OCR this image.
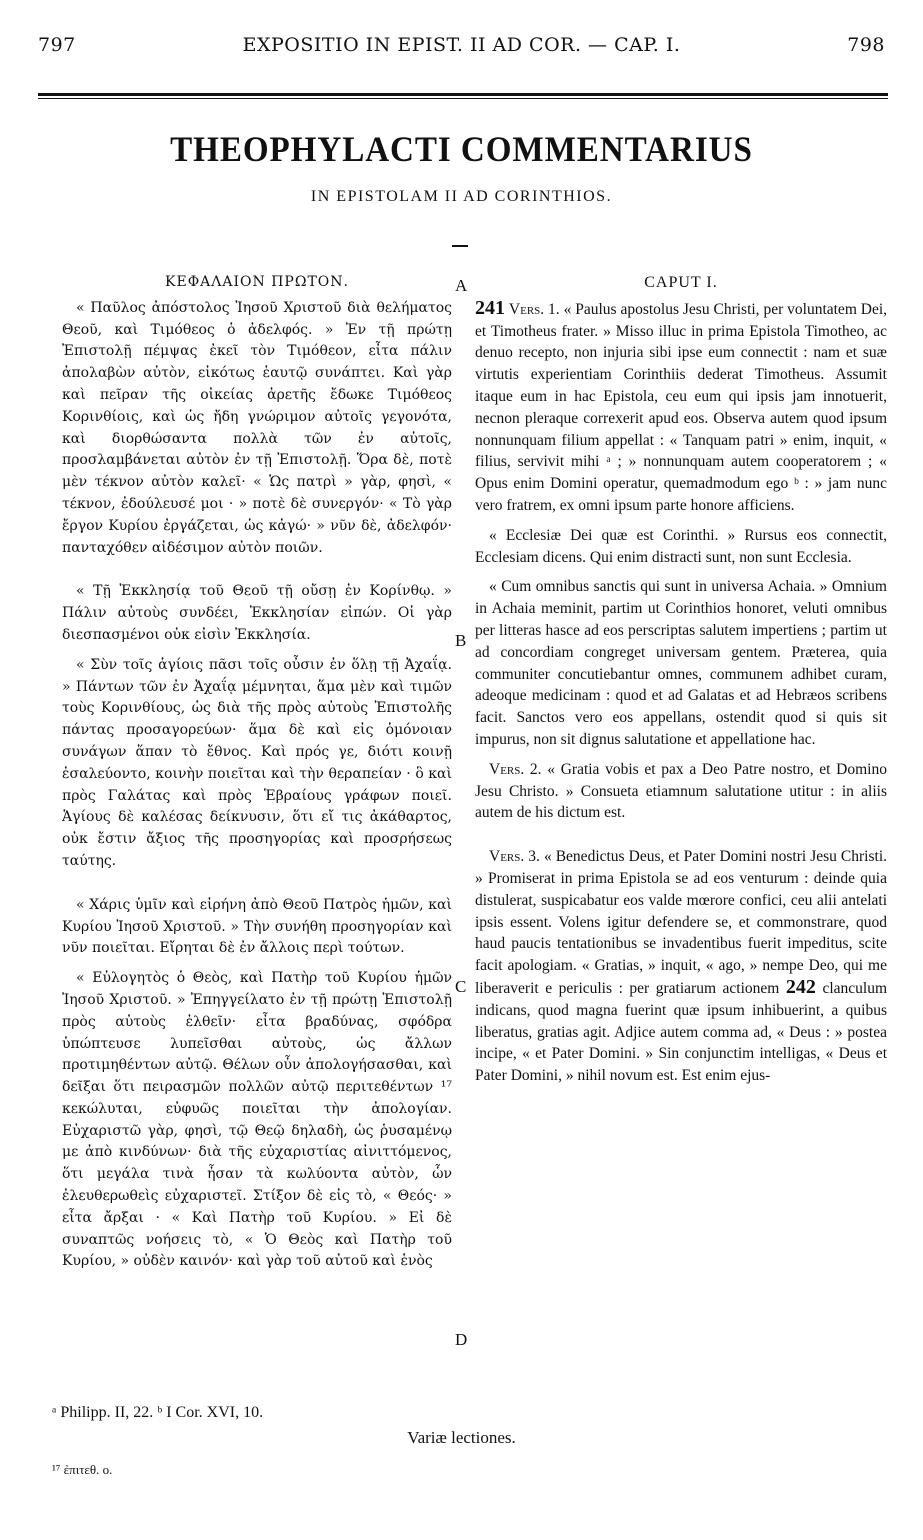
797	EXPOSITIO IN EPIST. II AD COR. — CAP. I.	798
THEOPHYLACTI COMMENTARIUS
IN EPISTOLAM II AD CORINTHIOS.
A
B
C
D
ΚΕΦΑΛΑΙΟΝ ΠΡΩΤΟΝ.

« Παῦλος ἀπόστολος Ἰησοῦ Χριστοῦ διὰ θελήματος Θεοῦ, καὶ Τιμόθεος ὁ ἀδελφός. » Ἐν τῇ πρώτῃ Ἐπιστολῇ πέμψας ἐκεῖ τὸν Τιμόθεον, εἶτα πάλιν ἀπολαβὼν αὐτὸν, εἰκότως ἑαυτῷ συνάπτει. Καὶ γὰρ καὶ πεῖραν τῆς οἰκείας ἀρετῆς ἔδωκε Τιμόθεος Κορινθίοις, καὶ ὡς ἤδη γνώριμον αὐτοῖς γεγονότα, καὶ διορθώσαντα πολλὰ τῶν ἐν αὐτοῖς, προσλαμβάνεται αὐτὸν ἐν τῇ Ἐπιστολῇ. Ὅρα δὲ, ποτὲ μὲν τέκνον αὐτὸν καλεῖ· « Ὡς πατρὶ » γὰρ, φησὶ, « τέκνον, ἐδούλευσέ μοι · » ποτὲ δὲ συνεργόν· « Τὸ γὰρ ἔργον Κυρίου ἐργάζεται, ὡς κἀγώ· » νῦν δὲ, ἀδελφόν· πανταχόθεν αἰδέσιμον αὐτὸν ποιῶν.

« Τῇ Ἐκκλησίᾳ τοῦ Θεοῦ τῇ οὔσῃ ἐν Κορίνθῳ. » Πάλιν αὐτοὺς συνδέει, Ἐκκλησίαν εἰπών. Οἱ γὰρ διεσπασμένοι οὐκ εἰσὶν Ἐκκλησία.

« Σὺν τοῖς ἁγίοις πᾶσι τοῖς οὖσιν ἐν ὅλῃ τῇ Ἀχαΐᾳ. » Πάντων τῶν ἐν Ἀχαΐᾳ μέμνηται, ἅμα μὲν καὶ τιμῶν τοὺς Κορινθίους, ὡς διὰ τῆς πρὸς αὐτοὺς Ἐπιστολῆς πάντας προσαγορεύων· ἅμα δὲ καὶ εἰς ὁμόνοιαν συνάγων ἅπαν τὸ ἔθνος. Καὶ πρός γε, διότι κοινῇ ἐσαλεύοντο, κοινὴν ποιεῖται καὶ τὴν θεραπείαν · ὃ καὶ πρὸς Γαλάτας καὶ πρὸς Ἑβραίους γράφων ποιεῖ. Ἁγίους δὲ καλέσας δείκνυσιν, ὅτι εἴ τις ἀκάθαρτος, οὐκ ἔστιν ἄξιος τῆς προσηγορίας καὶ προσρήσεως ταύτης.

« Χάρις ὑμῖν καὶ εἰρήνη ἀπὸ Θεοῦ Πατρὸς ἡμῶν, καὶ Κυρίου Ἰησοῦ Χριστοῦ. » Τὴν συνήθη προσηγορίαν καὶ νῦν ποιεῖται. Εἴρηται δὲ ἐν ἄλλοις περὶ τούτων.

« Εὐλογητὸς ὁ Θεὸς, καὶ Πατὴρ τοῦ Κυρίου ἡμῶν Ἰησοῦ Χριστοῦ. » Ἐπηγγείλατο ἐν τῇ πρώτῃ Ἐπιστολῇ πρὸς αὐτοὺς ἐλθεῖν· εἶτα βραδύνας, σφόδρα ὑπώπτευσε λυπεῖσθαι αὐτοὺς, ὡς ἄλλων προτιμηθέντων αὐτῷ. Θέλων οὖν ἀπολογήσασθαι, καὶ δεῖξαι ὅτι πειρασμῶν πολλῶν αὐτῷ περιτεθέντων ¹⁷ κεκώλυται, εὐφυῶς ποιεῖται τὴν ἀπολογίαν. Εὐχαριστῶ γὰρ, φησὶ, τῷ Θεῷ δηλαδὴ, ὡς ῥυσαμένῳ με ἀπὸ κινδύνων· διὰ τῆς εὐχαριστίας αἰνιττόμενος, ὅτι μεγάλα τινὰ ἦσαν τὰ κωλύοντα αὐτὸν, ὧν ἐλευθερωθεὶς εὐχαριστεῖ. Στίξον δὲ εἰς τὸ, « Θεός· » εἶτα ἄρξαι · « Καὶ Πατὴρ τοῦ Κυρίου. » Εἰ δὲ συναπτῶς νοήσεις τὸ, « Ὁ Θεὸς καὶ Πατὴρ τοῦ Κυρίου, » οὐδὲν καινόν· καὶ γὰρ τοῦ αὐτοῦ καὶ ἑνὸς

CAPUT I.

241 Vers. 1. « Paulus apostolus Jesu Christi, per voluntatem Dei, et Timotheus frater. » Misso illuc in prima Epistola Timotheo, ac denuo recepto, non injuria sibi ipse eum connectit : nam et suæ virtutis experientiam Corinthiis dederat Timotheus. Assumit itaque eum in hac Epistola, ceu eum qui ipsis jam innotuerit, necnon pleraque correxerit apud eos. Observa autem quod ipsum nonnunquam filium appellat : « Tanquam patri » enim, inquit, « filius, servivit mihi ᵃ ; » nonnunquam autem cooperatorem ; « Opus enim Domini operatur, quemadmodum ego ᵇ : » jam nunc vero fratrem, ex omni ipsum parte honore afficiens.

« Ecclesiæ Dei quæ est Corinthi. » Rursus eos connectit, Ecclesiam dicens. Qui enim distracti sunt, non sunt Ecclesia.

« Cum omnibus sanctis qui sunt in universa Achaia. » Omnium in Achaia meminit, partim ut Corinthios honoret, veluti omnibus per litteras hasce ad eos perscriptas salutem impertiens ; partim ut ad concordiam congreget universam gentem. Præterea, quia communiter concutiebantur omnes, communem adhibet curam, adeoque medicinam : quod et ad Galatas et ad Hebræos scribens facit. Sanctos vero eos appellans, ostendit quod si quis sit impurus, non sit dignus salutatione et appellatione hac.

Vers. 2. « Gratia vobis et pax a Deo Patre nostro, et Domino Jesu Christo. » Consueta etiamnum salutatione utitur : in aliis autem de his dictum est.

Vers. 3. « Benedictus Deus, et Pater Domini nostri Jesu Christi. » Promiserat in prima Epistola se ad eos venturum : deinde quia distulerat, suspicabatur eos valde mœrore confici, ceu alii antelati ipsis essent. Volens igitur defendere se, et commonstrare, quod haud paucis tentationibus se invadentibus fuerit impeditus, scite facit apologiam. « Gratias, » inquit, « ago, » nempe Deo, qui me liberaverit e periculis : per gratiarum actionem 242 clanculum indicans, quod magna fuerint quæ ipsum inhibuerint, a quibus liberatus, gratias agit. Adjice autem comma ad, « Deus : » postea incipe, « et Pater Domini. » Sin conjunctim intelligas, « Deus et Pater Domini, » nihil novum est. Est enim ejus-

ᵃ Philipp. II, 22. ᵇ I Cor. XVI, 10.
Variæ lectiones.
¹⁷ ἐπιτεθ. ο.
